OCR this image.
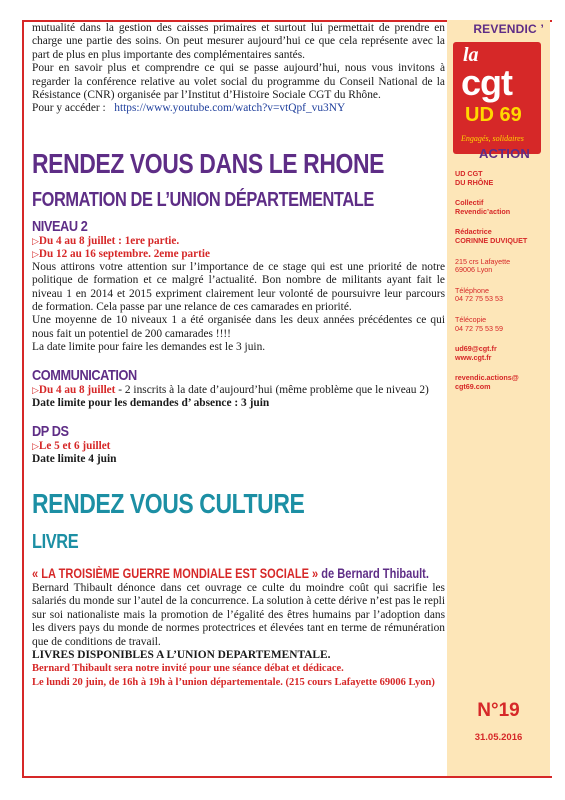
mutualité dans la gestion des caisses primaires et surtout lui permettait de prendre en charge une partie des soins. On peut mesurer aujourd’hui ce que cela représente avec la part de plus en plus importante des complémentaires santés.

Pour en savoir plus et comprendre ce qui se passe aujourd’hui, nous vous invitons à regarder la conférence relative au volet social du programme du Conseil National de la Résistance (CNR) organisée par l’Institut d’Histoire Sociale CGT du Rhône.

Pour y accéder : https://www.youtube.com/watch?v=vtQpf_vu3NY

RENDEZ VOUS DANS LE RHONE
FORMATION DE L’UNION DÉPARTEMENTALE
NIVEAU 2

▷Du 4 au 8 juillet : 1ere partie.

▷Du 12 au 16 septembre. 2eme partie

Nous attirons votre attention sur l’importance de ce stage qui est une priorité de notre politique de formation et ce malgré l’actualité. Bon nombre de militants ayant fait le niveau 1 en 2014 et 2015 expriment clairement leur volonté de poursuivre leur parcours de formation. Cela passe par une relance de ces camarades en priorité.

Une moyenne de 10 niveaux 1 a été organisée dans les deux années précédentes ce qui nous fait un potentiel de 200 camarades !!!!

La date limite pour faire les demandes est le 3 juin.

COMMUNICATION

▷Du 4 au 8 juillet - 2 inscrits à la date d’aujourd’hui (même problème que le niveau 2)

Date limite pour les demandes d’ absence : 3 juin

DP DS

▷Le 5 et 6 juillet

Date limite 4 juin

RENDEZ VOUS CULTURE
LIVRE

« LA TROISIÈME GUERRE MONDIALE EST SOCIALE » de Bernard Thibault.

Bernard Thibault dénonce dans cet ouvrage ce culte du moindre coût qui sacrifie les salariés du monde sur l’autel de la concurrence. La solution à cette dérive n’est pas le repli sur soi nationaliste mais la promotion de l’égalité des êtres humains par l’adoption dans les divers pays du monde de normes protectrices et élevées tant en terme de rémunération que de conditions de travail.

LIVRES DISPONIBLES A L’UNION DEPARTEMENTALE.

Bernard Thibault sera notre invité pour une séance débat et dédicace.

Le lundi 20 juin, de 16h à 19h à l’union départementale. (215 cours Lafayette 69006 Lyon)

REVENDIC ’
la
cgt
UD 69
Engagés, solidaires
ACTION
UD CGT
DU RHÔNE
Collectif
Revendic’action
Rédactrice
CORINNE DUVIQUET
215 crs Lafayette
69006 Lyon
Téléphone
04 72 75 53 53
Télécopie
04 72 75 53 59
ud69@cgt.fr
www.cgt.fr
revendic.actions@
cgt69.com
N°19
31.05.2016
